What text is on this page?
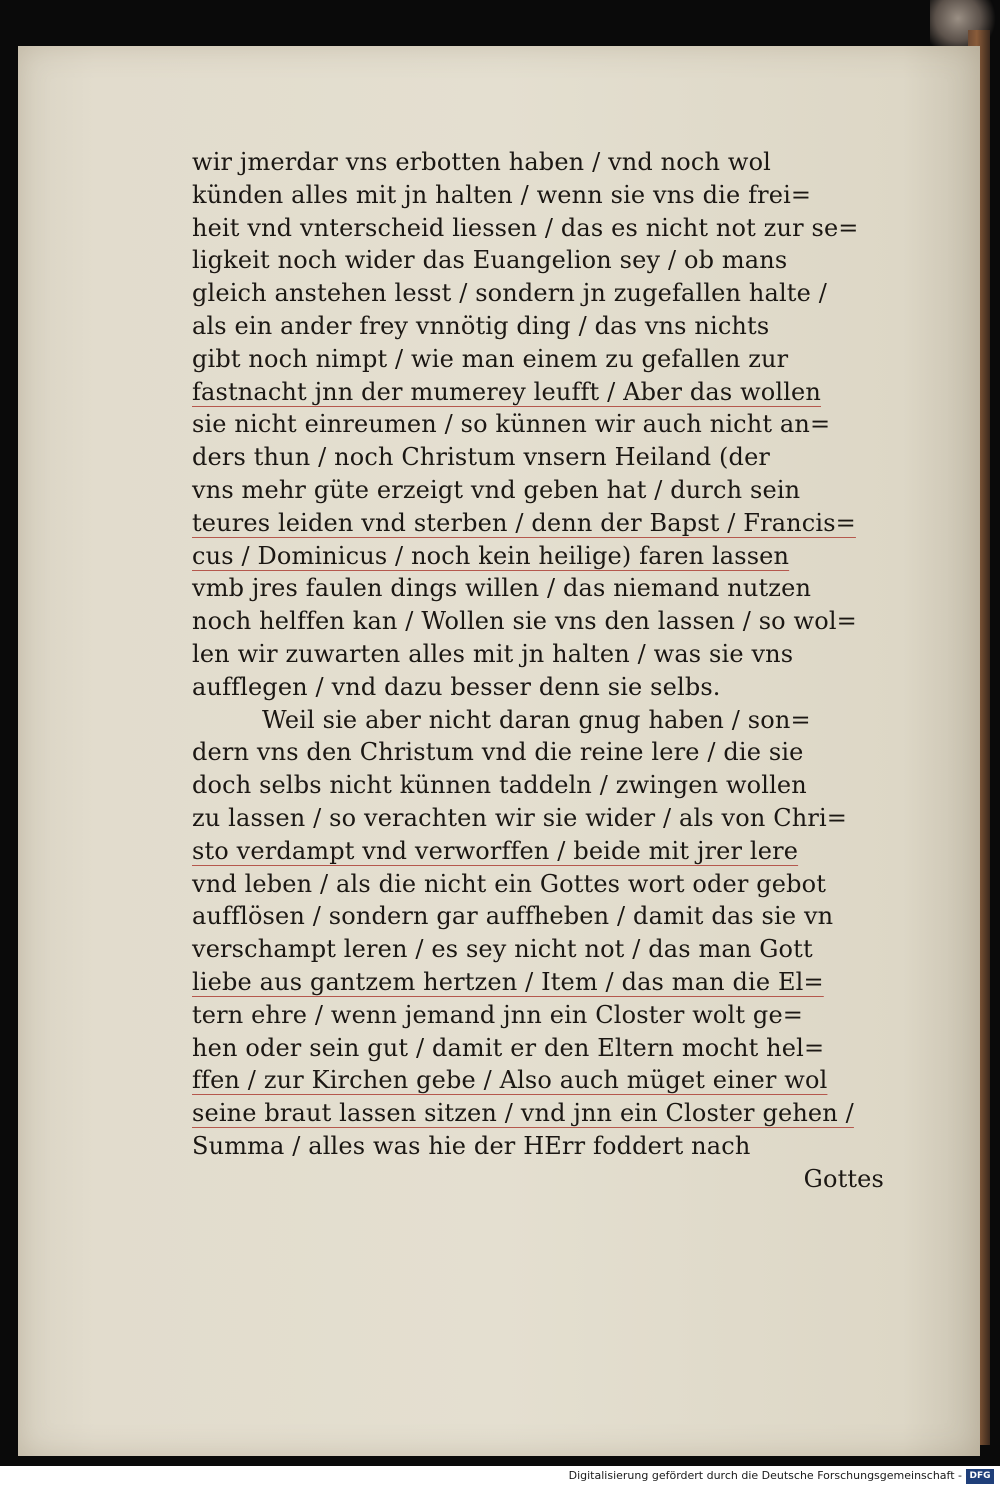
wir jmerdar vns erbotten haben / vnd noch wol
künden alles mit jn halten / wenn sie vns die frei=
heit vnd vnterscheid liessen / das es nicht not zur se=
ligkeit noch wider das Euangelion sey / ob mans
gleich anstehen lesst / sondern jn zugefallen halte /
als ein ander frey vnnötig ding / das vns nichts
gibt noch nimpt / wie man einem zu gefallen zur
fastnacht jnn der mumerey leufft / Aber das wollen
sie nicht einreumen / so künnen wir auch nicht an=
ders thun / noch Christum vnsern Heiland (der
vns mehr güte erzeigt vnd geben hat / durch sein
teures leiden vnd sterben / denn der Bapst / Francis=
cus / Dominicus / noch kein heilige) faren lassen
vmb jres faulen dings willen / das niemand nutzen
noch helffen kan / Wollen sie vns den lassen / so wol=
len wir zuwarten alles mit jn halten / was sie vns
aufflegen / vnd dazu besser denn sie selbs.
Weil sie aber nicht daran gnug haben / son=
dern vns den Christum vnd die reine lere / die sie
doch selbs nicht künnen taddeln / zwingen wollen
zu lassen / so verachten wir sie wider / als von Chri=
sto verdampt vnd verworffen / beide mit jrer lere
vnd leben / als die nicht ein Gottes wort oder gebot
aufflösen / sondern gar auffheben / damit das sie vn
verschampt leren / es sey nicht not / das man Gott
liebe aus gantzem hertzen / Item / das man die El=
tern ehre / wenn jemand jnn ein Closter wolt ge=
hen oder sein gut / damit er den Eltern mocht hel=
ffen / zur Kirchen gebe / Also auch müget einer wol
seine braut lassen sitzen / vnd jnn ein Closter gehen /
Summa / alles was hie der HErr foddert nach
Gottes
Digitalisierung gefördert durch die Deutsche Forschungsgemeinschaft - DFG
